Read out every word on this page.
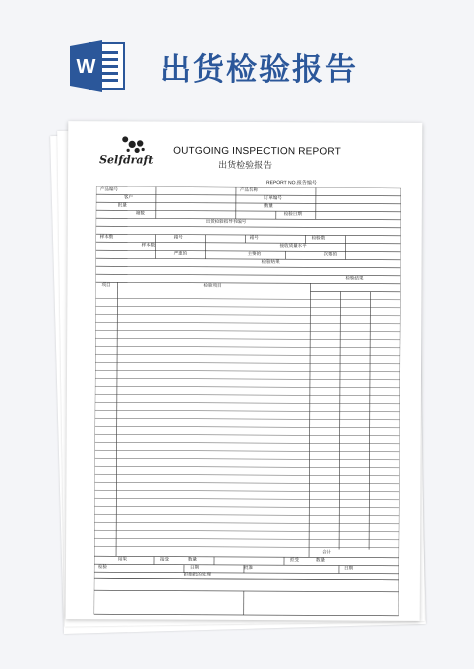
W 出货检验报告
Selfdraft
OUTGOING INSPECTION REPORT
出货检验报告
REPORT NO.报告编号
产品编号	产品名称
客户	订单编号
批量	数量
箱数	检验日期
出货检验指导书编号
样本数	箱号	箱号	检验数
样本数	接收质量水平
严重的	主要的	次要的
检验结果
项目	检验项目
检验结果
合计
结果	接受	数量	拒受	数量
检验	日期	批准	日期
拒绝批的处理
